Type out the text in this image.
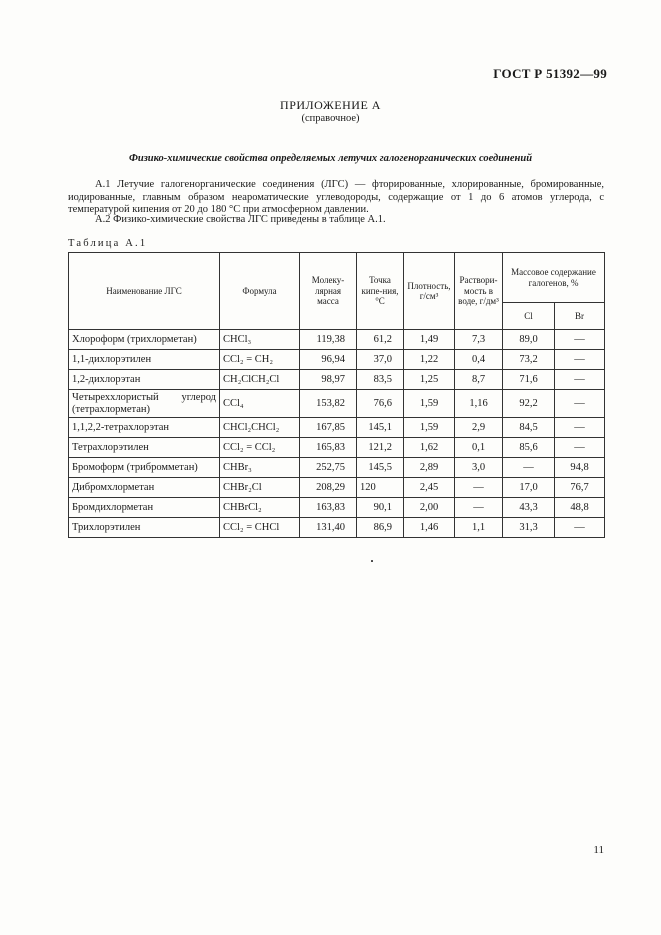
ГОСТ Р 51392—99
ПРИЛОЖЕНИЕ А
(справочное)
Физико-химические свойства определяемых летучих галогенорганических соединений
А.1 Летучие галогенорганические соединения (ЛГС) — фторированные, хлорированные, бромированные, иодированные, главным образом неароматические углеводороды, содержащие от 1 до 6 атомов углерода, с температурой кипения от 20 до 180 °С при атмосферном давлении.
А.2 Физико-химические свойства ЛГС приведены в таблице А.1.
Таблица А.1
Наименование ЛГС	Формула	Молеку-лярная масса	Точка кипе-ния, °С	Плотность, г/см³	Раствори-мость в воде, г/дм³	Массовое содержание галогенов, %	
						Cl	Br
Хлороформ (трихлорметан)	CHCl₃	119,38	61,2	1,49	7,3	89,0	—
1,1-дихлорэтилен	CCl₂ = CH₂	96,94	37,0	1,22	0,4	73,2	—
1,2-дихлорэтан	CH₂ClCH₂Cl	98,97	83,5	1,25	8,7	71,6	—

Четыреххлористый углерод
(тетрахлорметан)	CCl₄	153,82	76,6	1,59	1,16	92,2	—
1,1,2,2-тетрахлорэтан	CHCl₂CHCl₂	167,85	145,1	1,59	2,9	84,5	—
Тетрахлорэтилен	CCl₂ = CCl₂	165,83	121,2	1,62	0,1	85,6	—
Бромоформ (трибромметан)	CHBr₃	252,75	145,5	2,89	3,0	—	94,8
Дибромхлорметан	CHBr₂Cl	208,29	120	2,45	—	17,0	76,7
Бромдихлорметан	CHBrCl₂	163,83	90,1	2,00	—	43,3	48,8
Трихлорэтилен	CCl₂ = CHCl	131,40	86,9	1,46	1,1	31,3	—
11
